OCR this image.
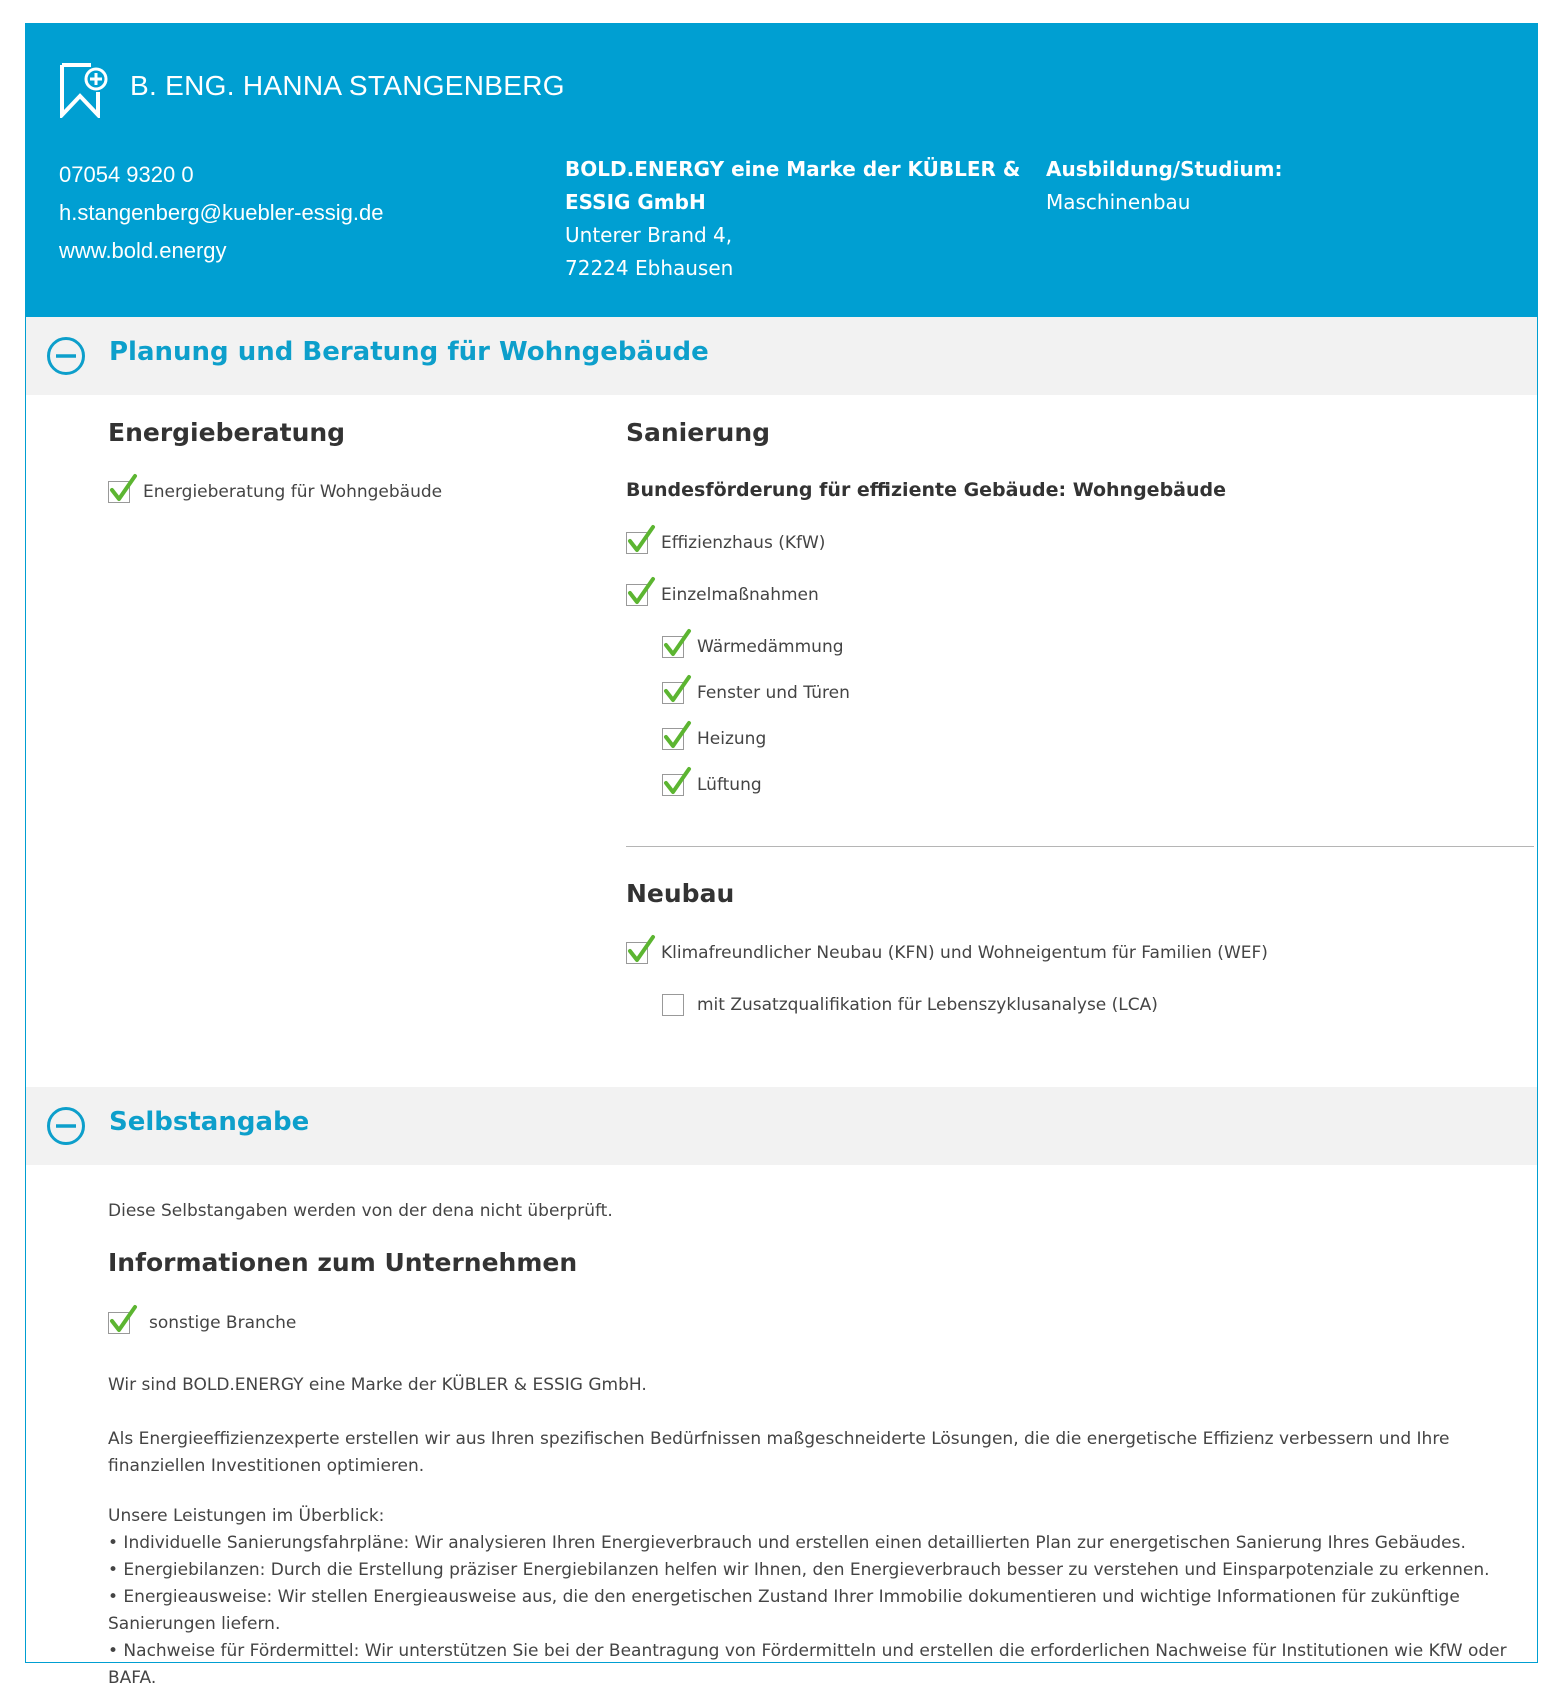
B. ENG. HANNA STANGENBERG
07054 9320 0
h.stangenberg@kuebler-essig.de
www.bold.energy
BOLD.ENERGY eine Marke der KÜBLER &
ESSIG GmbH
Unterer Brand 4,
72224 Ebhausen
Ausbildung/Studium:
Maschinenbau
Planung und Beratung für Wohngebäude
Energieberatung
Energieberatung für Wohngebäude
Sanierung
Bundesförderung für effiziente Gebäude: Wohngebäude
Effizienzhaus (KfW)
Einzelmaßnahmen
Wärmedämmung
Fenster und Türen
Heizung
Lüftung
Neubau
Klimafreundlicher Neubau (KFN) und Wohneigentum für Familien (WEF)
mit Zusatzqualifikation für Lebenszyklusanalyse (LCA)
Selbstangabe
Diese Selbstangaben werden von der dena nicht überprüft.
Informationen zum Unternehmen
sonstige Branche
Wir sind BOLD.ENERGY eine Marke der KÜBLER & ESSIG GmbH.
Als Energieeffizienzexperte erstellen wir aus Ihren spezifischen Bedürfnissen maßgeschneiderte Lösungen, die die energetische Effizienz verbessern und Ihre finanziellen Investitionen optimieren.

Unsere Leistungen im Überblick:

• Individuelle Sanierungsfahrpläne: Wir analysieren Ihren Energieverbrauch und erstellen einen detaillierten Plan zur energetischen Sanierung Ihres Gebäudes.

• Energiebilanzen: Durch die Erstellung präziser Energiebilanzen helfen wir Ihnen, den Energieverbrauch besser zu verstehen und Einsparpotenziale zu erkennen.

• Energieausweise: Wir stellen Energieausweise aus, die den energetischen Zustand Ihrer Immobilie dokumentieren und wichtige Informationen für zukünftige Sanierungen liefern.

• Nachweise für Fördermittel: Wir unterstützen Sie bei der Beantragung von Fördermitteln und erstellen die erforderlichen Nachweise für Institutionen wie KfW oder BAFA.
